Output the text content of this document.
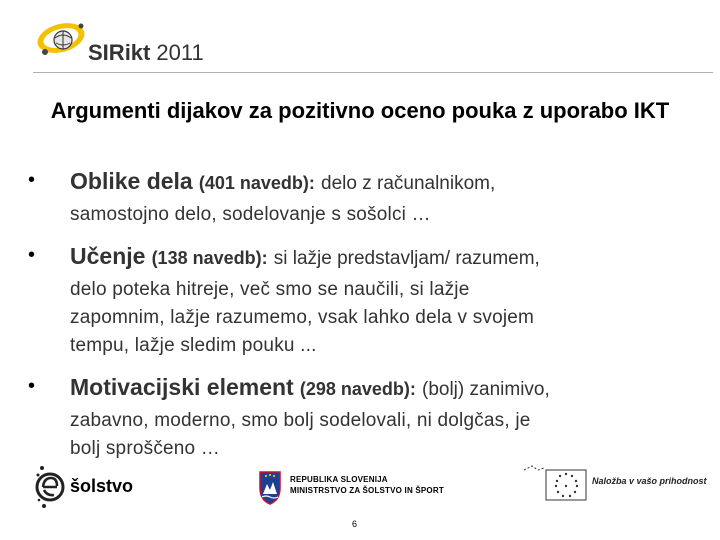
SIRikt 2011
Argumenti dijakov za pozitivno oceno pouka z uporabo IKT
• Oblike dela (401 navedb): delo z računalnikom,
samostojno delo, sodelovanje s sošolci …
• Učenje (138 navedb): si lažje predstavljam/ razumem,
delo poteka hitreje, več smo se naučili, si lažje
zapomnim, lažje razumemo, vsak lahko dela v svojem
tempu, lažje sledim pouku ...
• Motivacijski element (298 navedb): (bolj) zanimivo,
zabavno, moderno, smo bolj sodelovali, ni dolgčas, je
bolj sproščeno …
šolstvo	REPUBLIKA SLOVENIJA
MINISTRSTVO ZA ŠOLSTVO IN ŠPORT
Naložba v vašo prihodnost
6
